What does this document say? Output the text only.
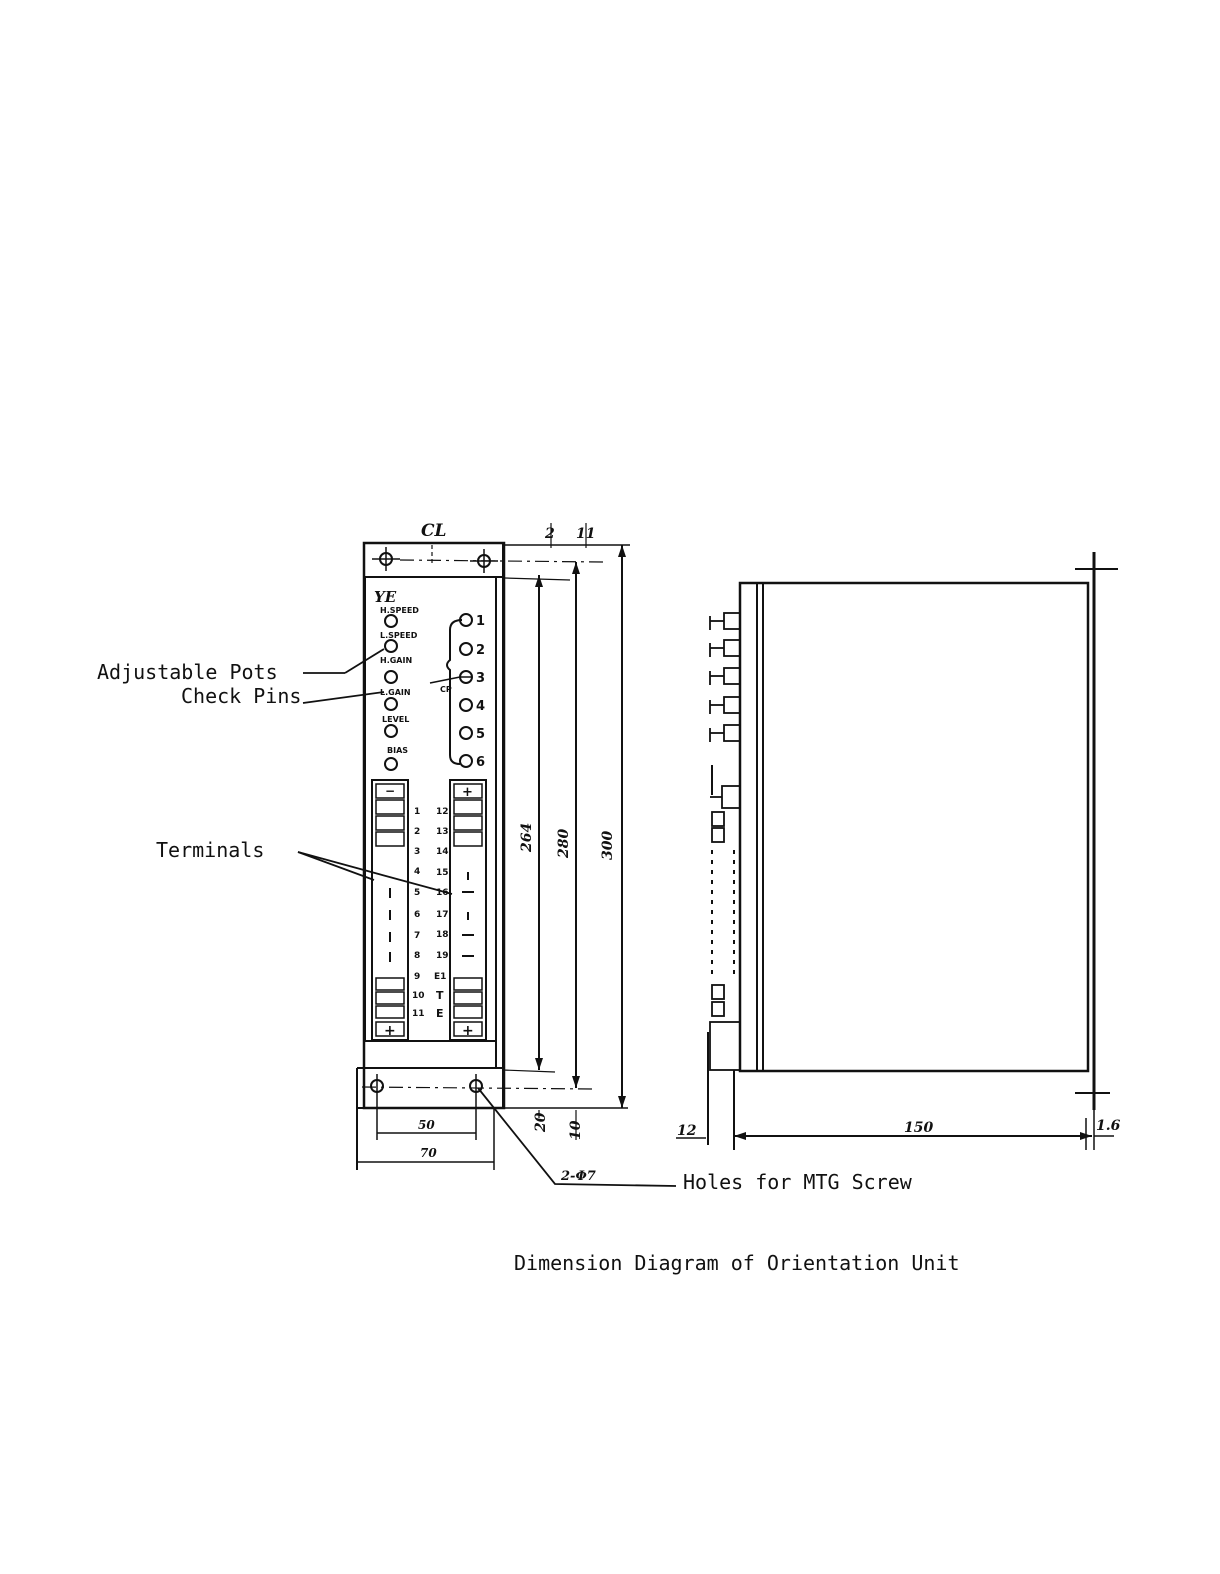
YE
H.SPEED
L.SPEED
H.GAIN
L.GAIN
LEVEL
BIAS
CP
1
2
3
4
5
6
−
+
1
2
3
4
5
6
7
8
9
10
11
+
+
12
13
14
15
16
17
18
19
E1
T
E
CL	2 11
264 280 300
20 10
50
70
2-Φ7
12	150	1.6
Adjustable Pots
Check Pins
Terminals
Holes for MTG Screw
Dimension Diagram of Orientation Unit
